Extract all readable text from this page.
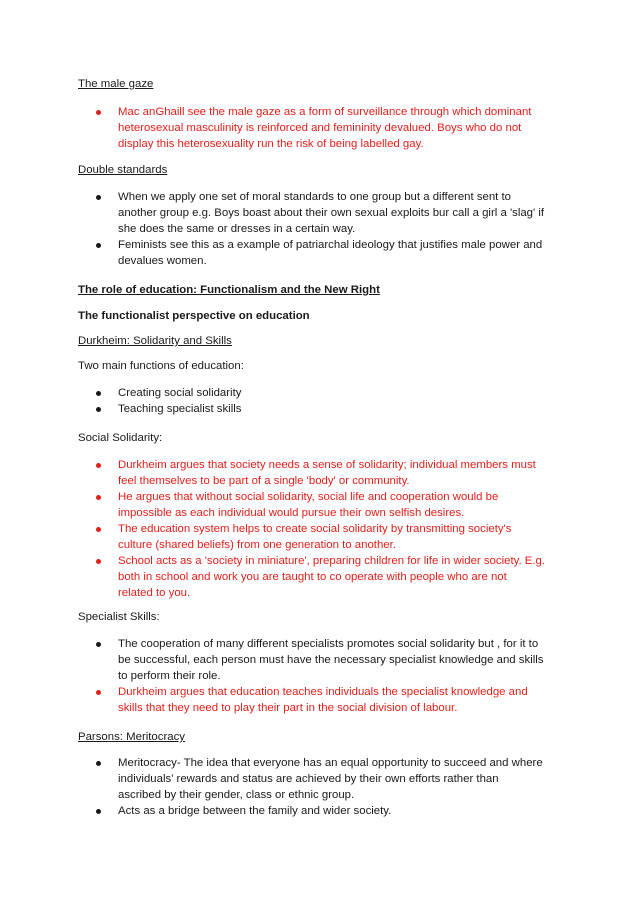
The male gaze
Mac anGhaill see the male gaze as a form of surveillance through which dominant
heterosexual masculinity is reinforced and femininity devalued. Boys who do not
display this heterosexuality run the risk of being labelled gay.
Double standards
When we apply one set of moral standards to one group but a different sent to
another group e.g. Boys boast about their own sexual exploits bur call a girl a 'slag' if
she does the same or dresses in a certain way.
Feminists see this as a example of patriarchal ideology that justifies male power and
devalues women.
The role of education: Functionalism and the New Right
The functionalist perspective on education
Durkheim: Solidarity and Skills
Two main functions of education:
Creating social solidarity
Teaching specialist skills
Social Solidarity:
Durkheim argues that society needs a sense of solidarity; individual members must
feel themselves to be part of a single 'body' or community.
He argues that without social solidarity, social life and cooperation would be
impossible as each individual would pursue their own selfish desires.
The education system helps to create social solidarity by transmitting society's
culture (shared beliefs) from one generation to another.
School acts as a 'society in miniature', preparing children for life in wider society. E.g.
both in school and work you are taught to co operate with people who are not
related to you.
Specialist Skills:
The cooperation of many different specialists promotes social solidarity but , for it to
be successful, each person must have the necessary specialist knowledge and skills
to perform their role.
Durkheim argues that education teaches individuals the specialist knowledge and
skills that they need to play their part in the social division of labour.
Parsons: Meritocracy
Meritocracy- The idea that everyone has an equal opportunity to succeed and where
individuals' rewards and status are achieved by their own efforts rather than
ascribed by their gender, class or ethnic group.
Acts as a bridge between the family and wider society.
